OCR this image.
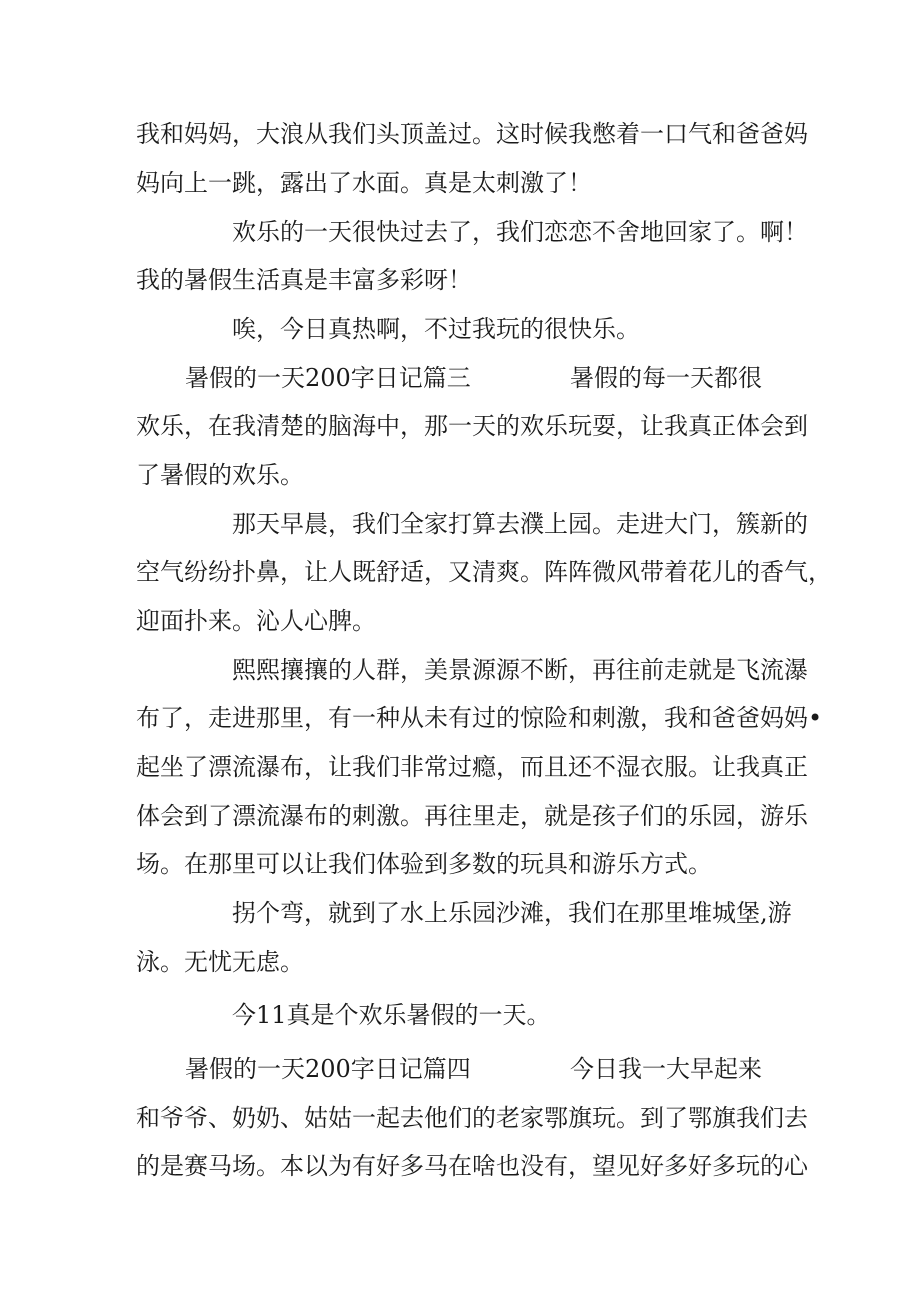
我和妈妈，大浪从我们头顶盖过。这时候我憋着一口气和爸爸妈
妈向上一跳，露出了水面。真是太刺激了！
欢乐的一天很快过去了，我们恋恋不舍地回家了。啊！
我的暑假生活真是丰富多彩呀！
唉，今日真热啊，不过我玩的很快乐。
暑假的一天200字日记篇三	暑假的每一天都很
欢乐，在我清楚的脑海中，那一天的欢乐玩耍，让我真正体会到
了暑假的欢乐。
那天早晨，我们全家打算去濮上园。走进大门，簇新的
空气纷纷扑鼻，让人既舒适，又清爽。阵阵微风带着花儿的香气，
迎面扑来。沁人心脾。
熙熙攘攘的人群，美景源源不断，再往前走就是飞流瀑
布了，走进那里，有一种从未有过的惊险和刺激，我和爸爸妈妈•
起坐了漂流瀑布，让我们非常过瘾，而且还不湿衣服。让我真正
体会到了漂流瀑布的刺激。再往里走，就是孩子们的乐园，游乐
场。在那里可以让我们体验到多数的玩具和游乐方式。
拐个弯，就到了水上乐园沙滩，我们在那里堆城堡,游
泳。无忧无虑。
今11真是个欢乐暑假的一天。
暑假的一天200字日记篇四	今日我一大早起来
和爷爷、奶奶、姑姑一起去他们的老家鄂旗玩。到了鄂旗我们去
的是赛马场。本以为有好多马在啥也没有，望见好多好多玩的心
